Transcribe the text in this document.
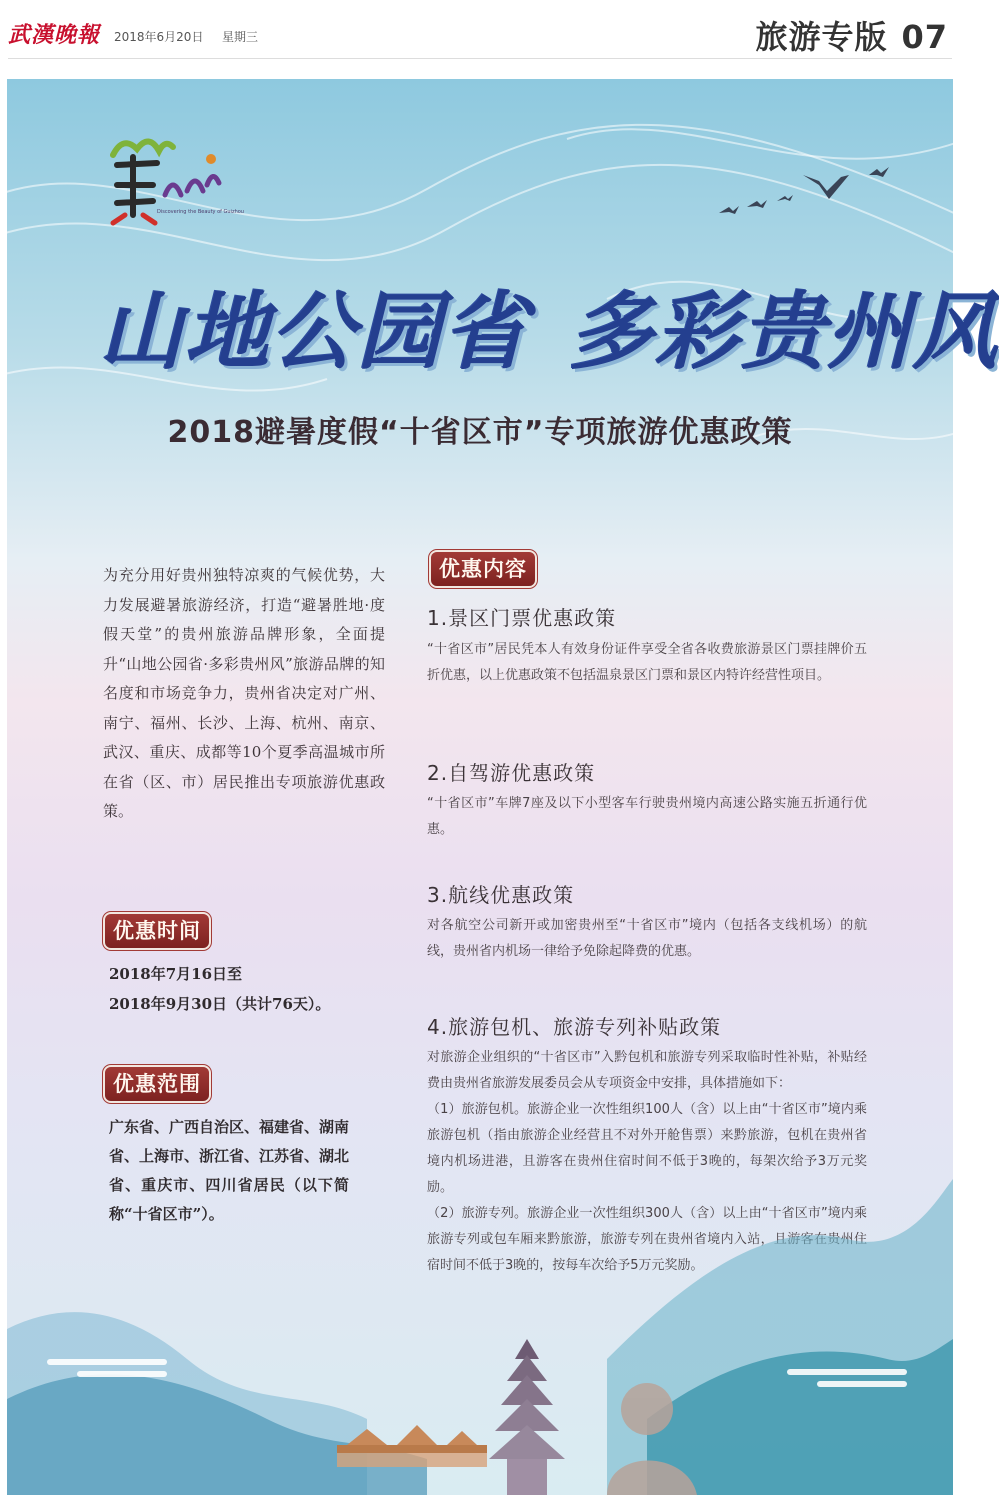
武漢晚報 2018年6月20日 星期三	旅游专版 07
Discovering the Beauty of Guizhou
山地公园省 多彩贵州风
2018避暑度假“十省区市”专项旅游优惠政策
为充分用好贵州独特凉爽的气候优势，大力发展避暑旅游经济，打造“避暑胜地·度假天堂”的贵州旅游品牌形象，全面提升“山地公园省·多彩贵州风”旅游品牌的知名度和市场竞争力，贵州省决定对广州、南宁、福州、长沙、上海、杭州、南京、武汉、重庆、成都等10个夏季高温城市所在省（区、市）居民推出专项旅游优惠政策。
优惠时间
2018年7月16日至
2018年9月30日（共计76天）。
优惠范围
广东省、广西自治区、福建省、湖南省、上海市、浙江省、江苏省、湖北省、重庆市、四川省居民（以下简称“十省区市”）。
优惠内容
1.景区门票优惠政策
“十省区市”居民凭本人有效身份证件享受全省各收费旅游景区门票挂牌价五折优惠，以上优惠政策不包括温泉景区门票和景区内特许经营性项目。
2.自驾游优惠政策
“十省区市”车牌7座及以下小型客车行驶贵州境内高速公路实施五折通行优惠。
3.航线优惠政策
对各航空公司新开或加密贵州至“十省区市”境内（包括各支线机场）的航线，贵州省内机场一律给予免除起降费的优惠。
4.旅游包机、旅游专列补贴政策
对旅游企业组织的“十省区市”入黔包机和旅游专列采取临时性补贴，补贴经费由贵州省旅游发展委员会从专项资金中安排，具体措施如下：
（1）旅游包机。旅游企业一次性组织100人（含）以上由“十省区市”境内乘旅游包机（指由旅游企业经营且不对外开舱售票）来黔旅游，包机在贵州省境内机场进港，且游客在贵州住宿时间不低于3晚的，每架次给予3万元奖励。
（2）旅游专列。旅游企业一次性组织300人（含）以上由“十省区市”境内乘旅游专列或包车厢来黔旅游，旅游专列在贵州省境内入站，且游客在贵州住宿时间不低于3晚的，按每车次给予5万元奖励。
